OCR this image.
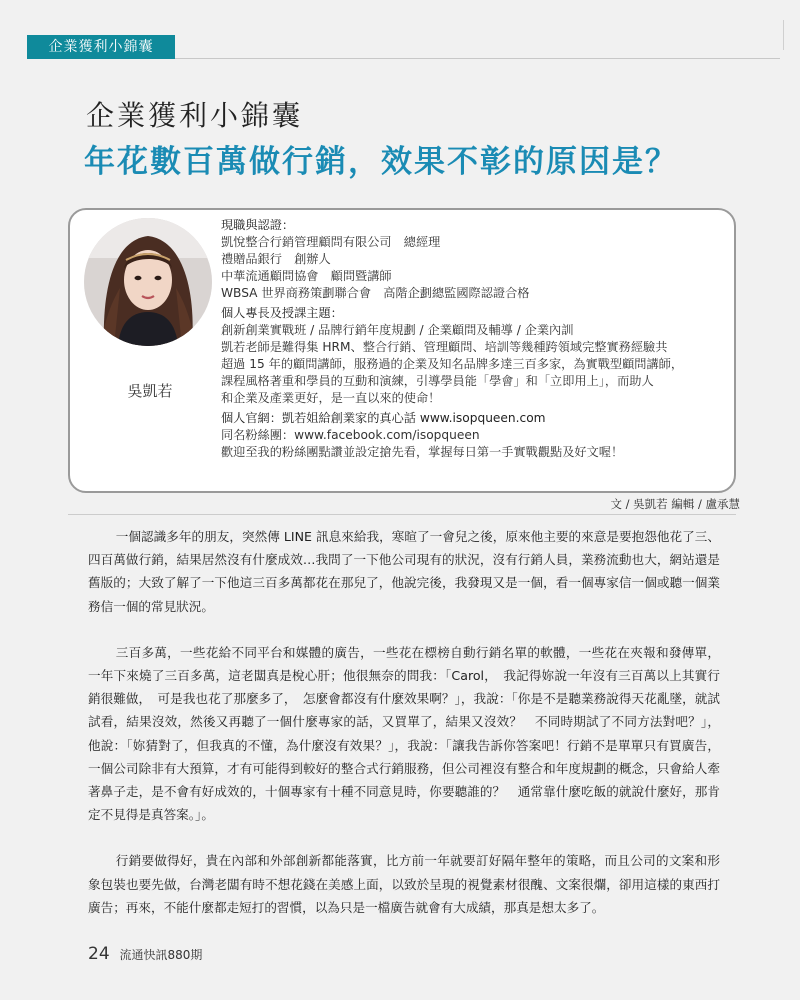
企業獲利小錦囊
企業獲利小錦囊
年花數百萬做行銷，效果不彰的原因是？
吳凱若
現職與認證：
凱悅整合行銷管理顧問有限公司　總經理
禮贈品銀行　創辦人
中華流通顧問協會　顧問暨講師
WBSA 世界商務策劃聯合會　高階企劃總監國際認證合格
個人專長及授課主題：
創新創業實戰班 / 品牌行銷年度規劃 / 企業顧問及輔導 / 企業內訓
凱若老師是難得集 HRM、整合行銷、管理顧問、培訓等幾種跨領域完整實務經驗共
超過 15 年的顧問講師，服務過的企業及知名品牌多達三百多家，為實戰型顧問講師，
課程風格著重和學員的互動和演練，引導學員能「學會」和「立即用上」，而助人
和企業及產業更好，是一直以來的使命！
個人官網：凱若姐給創業家的真心話 www.isopqueen.com
同名粉絲團：www.facebook.com/isopqueen
歡迎至我的粉絲團點讚並設定搶先看，掌握每日第一手實戰觀點及好文喔！
文 / 吳凱若 編輯 / 盧承慧

一個認識多年的朋友，突然傳 LINE 訊息來給我，寒暄了一會兒之後，原來他主要的來意是要抱怨他花了三、四百萬做行銷，結果居然沒有什麼成效…我問了一下他公司現有的狀況，沒有行銷人員，業務流動也大，網站還是舊版的；大致了解了一下他這三百多萬都花在那兒了，他說完後，我發現又是一個，看一個專家信一個或聽一個業務信一個的常見狀況。

三百多萬，一些花給不同平台和媒體的廣告，一些花在標榜自動行銷名單的軟體，一些花在夾報和發傳單，一年下來燒了三百多萬，這老闆真是梲心肝；他很無奈的問我：「Carol，　我記得妳說一年沒有三百萬以上其實行銷很難做，　可是我也花了那麼多了，　怎麼會都沒有什麼效果啊？」，我說：「你是不是聽業務說得天花亂墜，就試試看，結果沒效，然後又再聽了一個什麼專家的話，又買單了，結果又沒效？　不同時期試了不同方法對吧？」，他說：「妳猜對了，但我真的不懂，為什麼沒有效果？」，我說：「讓我告訴你答案吧！行銷不是單單只有買廣告，一個公司除非有大預算，才有可能得到較好的整合式行銷服務，但公司裡沒有整合和年度規劃的概念，只會給人牽著鼻子走，是不會有好成效的，十個專家有十種不同意見時，你要聽誰的？　通常靠什麼吃飯的就說什麼好，那肯定不見得是真答案。」。

行銷要做得好，貴在內部和外部創新都能落實，比方前一年就要訂好隔年整年的策略，而且公司的文案和形象包裝也要先做，台灣老闆有時不想花錢在美感上面，以致於呈現的視覺素材很醜、文案很爛，卻用這樣的東西打廣告；再來，不能什麼都走短打的習慣，以為只是一檔廣告就會有大成績，那真是想太多了。

24 流通快訊880期
